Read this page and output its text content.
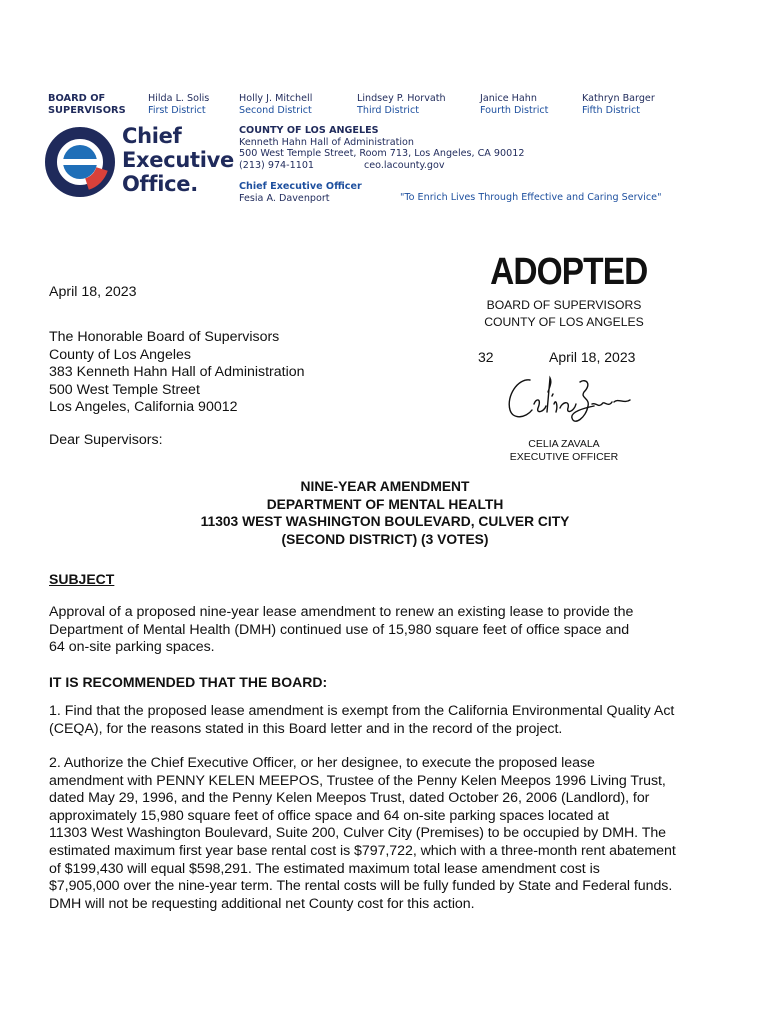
BOARD OF
SUPERVISORS
Hilda L. Solis
First District
Holly J. Mitchell
Second District
Lindsey P. Horvath
Third District
Janice Hahn
Fourth District
Kathryn Barger
Fifth District
Chief
Executive
Office.
COUNTY OF LOS ANGELES
Kenneth Hahn Hall of Administration
500 West Temple Street, Room 713, Los Angeles, CA 90012
(213) 974-1101	ceo.lacounty.gov
Chief Executive Officer
Fesia A. Davenport	"To Enrich Lives Through Effective and Caring Service"
ADOPTED
BOARD OF SUPERVISORS
COUNTY OF LOS ANGELES
32	April 18, 2023
CELIA ZAVALA
EXECUTIVE OFFICER
April 18, 2023
The Honorable Board of Supervisors
County of Los Angeles
383 Kenneth Hahn Hall of Administration
500 West Temple Street
Los Angeles, California 90012
Dear Supervisors:
NINE-YEAR AMENDMENT
DEPARTMENT OF MENTAL HEALTH
11303 WEST WASHINGTON BOULEVARD, CULVER CITY
(SECOND DISTRICT) (3 VOTES)
SUBJECT
Approval of a proposed nine-year lease amendment to renew an existing lease to provide the
Department of Mental Health (DMH) continued use of 15,980 square feet of office space and
64 on-site parking spaces.
IT IS RECOMMENDED THAT THE BOARD:
1. Find that the proposed lease amendment is exempt from the California Environmental Quality Act
(CEQA), for the reasons stated in this Board letter and in the record of the project.
2. Authorize the Chief Executive Officer, or her designee, to execute the proposed lease
amendment with PENNY KELEN MEEPOS, Trustee of the Penny Kelen Meepos 1996 Living Trust,
dated May 29, 1996, and the Penny Kelen Meepos Trust, dated October 26, 2006 (Landlord), for
approximately 15,980 square feet of office space and 64 on-site parking spaces located at
11303 West Washington Boulevard, Suite 200, Culver City (Premises) to be occupied by DMH. The
estimated maximum first year base rental cost is $797,722, which with a three-month rent abatement
of $199,430 will equal $598,291. The estimated maximum total lease amendment cost is
$7,905,000 over the nine-year term. The rental costs will be fully funded by State and Federal funds.
DMH will not be requesting additional net County cost for this action.
